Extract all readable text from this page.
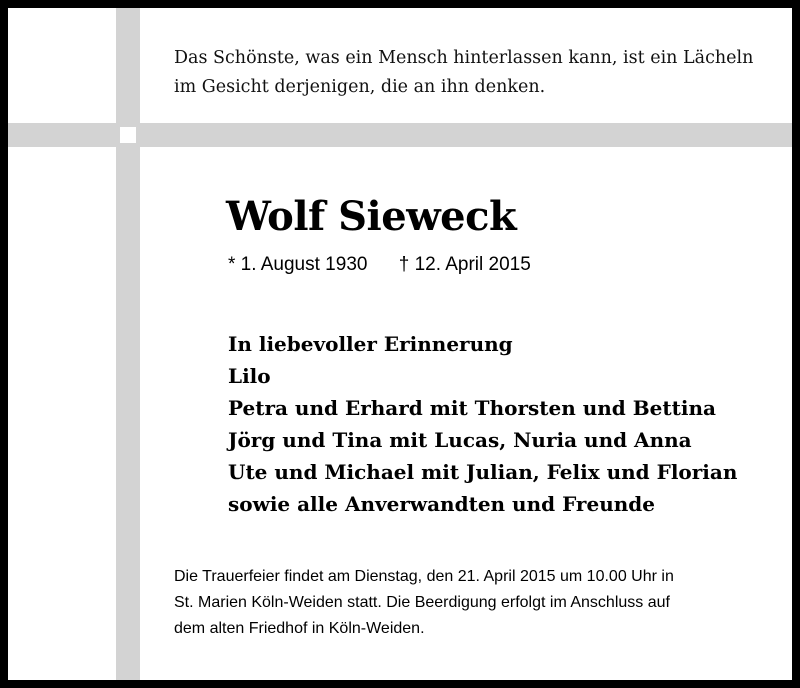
Das Schönste, was ein Mensch hinterlassen kann, ist ein Lächeln
im Gesicht derjenigen, die an ihn denken.
Wolf Sieweck
* 1. August 1930 † 12. April 2015
In liebevoller Erinnerung
Lilo
Petra und Erhard mit Thorsten und Bettina
Jörg und Tina mit Lucas, Nuria und Anna
Ute und Michael mit Julian, Felix und Florian
sowie alle Anverwandten und Freunde
Die Trauerfeier findet am Dienstag, den 21. April 2015 um 10.00 Uhr in
St. Marien Köln-Weiden statt. Die Beerdigung erfolgt im Anschluss auf
dem alten Friedhof in Köln-Weiden.
